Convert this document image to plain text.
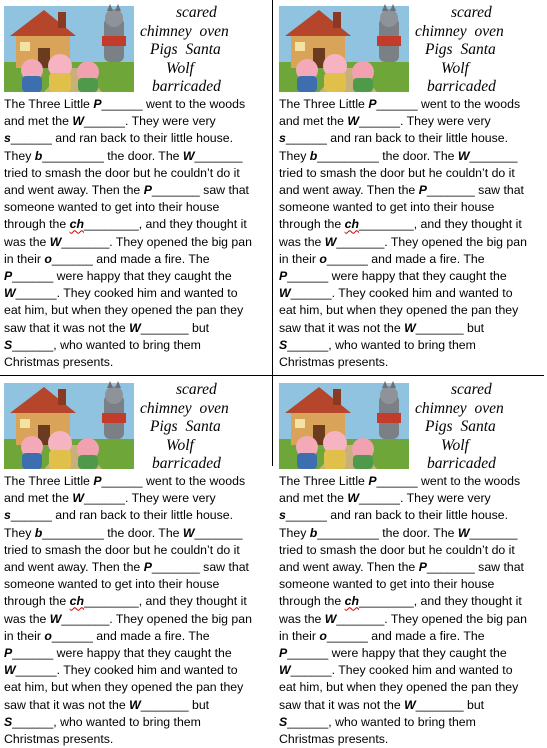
scared
chimney oven
Pigs Santa
Wolf
barricaded
The Three Little P______ went to the woods
and met the W______. They were very
s______ and ran back to their little house.
They b_________ the door. The W_______
tried to smash the door but he couldn’t do it
and went away. Then the P_______ saw that
someone wanted to get into their house
through the ch________, and they thought it
was the W_______. They opened the big pan
in their o______ and made a fire. The
P______ were happy that they caught the
W______. They cooked him and wanted to
eat him, but when they opened the pan they
saw that it was not the W_______ but
S______, who wanted to bring them
Christmas presents.
scared
chimney oven
Pigs Santa
Wolf
barricaded
The Three Little P______ went to the woods
and met the W______. They were very
s______ and ran back to their little house.
They b_________ the door. The W_______
tried to smash the door but he couldn’t do it
and went away. Then the P_______ saw that
someone wanted to get into their house
through the ch________, and they thought it
was the W_______. They opened the big pan
in their o______ and made a fire. The
P______ were happy that they caught the
W______. They cooked him and wanted to
eat him, but when they opened the pan they
saw that it was not the W_______ but
S______, who wanted to bring them
Christmas presents.
scared
chimney oven
Pigs Santa
Wolf
barricaded
The Three Little P______ went to the woods
and met the W______. They were very
s______ and ran back to their little house.
They b_________ the door. The W_______
tried to smash the door but he couldn’t do it
and went away. Then the P_______ saw that
someone wanted to get into their house
through the ch________, and they thought it
was the W_______. They opened the big pan
in their o______ and made a fire. The
P______ were happy that they caught the
W______. They cooked him and wanted to
eat him, but when they opened the pan they
saw that it was not the W_______ but
S______, who wanted to bring them
Christmas presents.
scared
chimney oven
Pigs Santa
Wolf
barricaded
The Three Little P______ went to the woods
and met the W______. They were very
s______ and ran back to their little house.
They b_________ the door. The W_______
tried to smash the door but he couldn’t do it
and went away. Then the P_______ saw that
someone wanted to get into their house
through the ch________, and they thought it
was the W_______. They opened the big pan
in their o______ and made a fire. The
P______ were happy that they caught the
W______. They cooked him and wanted to
eat him, but when they opened the pan they
saw that it was not the W_______ but
S______, who wanted to bring them
Christmas presents.
